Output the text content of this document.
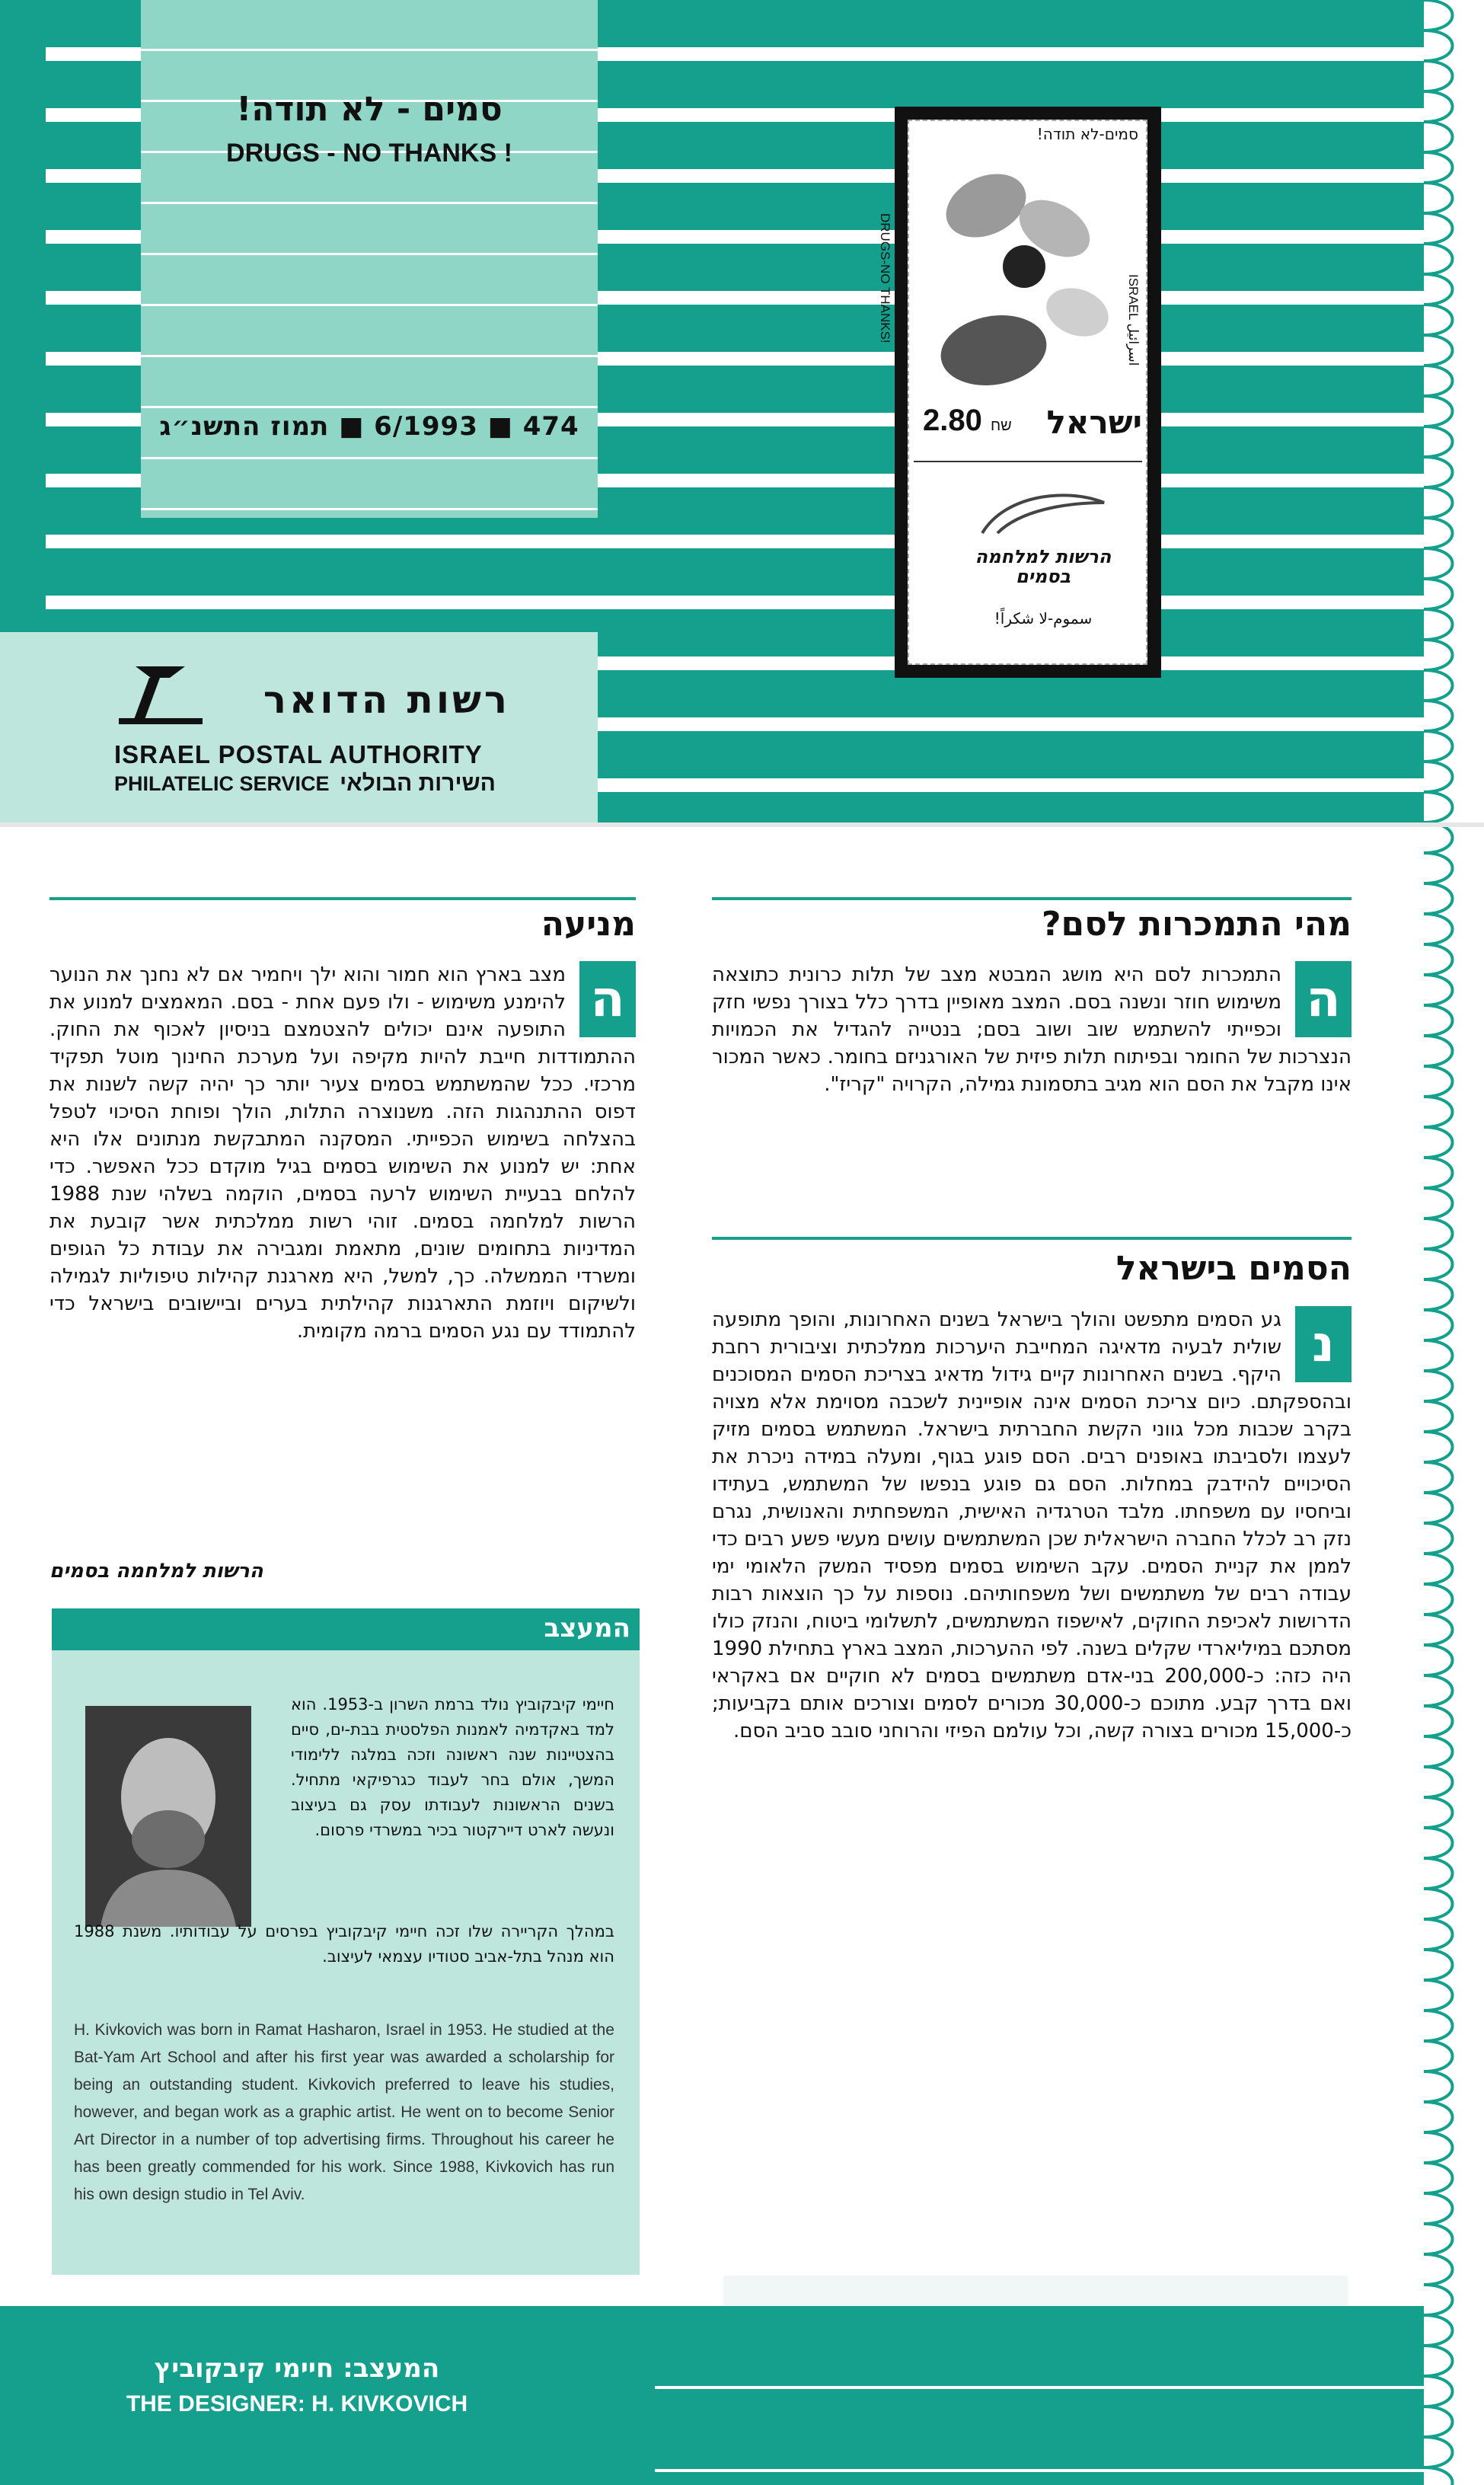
סמים - לא תודה!
DRUGS - NO THANKS !
474 ■ 6/1993 ■ תמוז התשנ״ג
רשות הדואר
ISRAEL POSTAL AUTHORITY
PHILATELIC SERVICE השירות הבולאי
סמים-לא תודה!
DRUGS-NO THANKS!	ISRAEL اسرائيل
2.80 שח	ישראל
הרשות למלחמה בסמים
سموم-لا شكراً!
מהי התמכרות לסם?
ה
התמכרות לסם היא מושג המבטא מצב של תלות כרונית כתוצאה משימוש חוזר ונשנה בסם. המצב מאופיין בדרך כלל בצורך נפשי חזק וכפייתי להשתמש שוב ושוב בסם; בנטייה להגדיל את הכמויות הנצרכות של החומר ובפיתוח תלות פיזית של האורגניזם בחומר. כאשר המכור אינו מקבל את הסם הוא מגיב בתסמונת גמילה, הקרויה "קריז".
הסמים בישראל
נ
גע הסמים מתפשט והולך בישראל בשנים האחרונות, והופך מתופעה שולית לבעיה מדאיגה המחייבת היערכות ממלכתית וציבורית רחבת היקף. בשנים האחרונות קיים גידול מדאיג בצריכת הסמים המסוכנים ובהספקתם. כיום צריכת הסמים אינה אופיינית לשכבה מסוימת אלא מצויה בקרב שכבות מכל גווני הקשת החברתית בישראל. המשתמש בסמים מזיק לעצמו ולסביבתו באופנים רבים. הסם פוגע בגוף, ומעלה במידה ניכרת את הסיכויים להידבק במחלות. הסם גם פוגע בנפשו של המשתמש, בעתידו וביחסיו עם משפחתו. מלבד הטרגדיה האישית, המשפחתית והאנושית, נגרם נזק רב לכלל החברה הישראלית שכן המשתמשים עושים מעשי פשע רבים כדי לממן את קניית הסמים. עקב השימוש בסמים מפסיד המשק הלאומי ימי עבודה רבים של משתמשים ושל משפחותיהם. נוספות על כך הוצאות רבות הדרושות לאכיפת החוקים, לאישפוז המשתמשים, לתשלומי ביטוח, והנזק כולו מסתכם במיליארדי שקלים בשנה. לפי ההערכות, המצב בארץ בתחילת 1990 היה כזה: כ-200,000 בני-אדם משתמשים בסמים לא חוקיים אם באקראי ואם בדרך קבע. מתוכם כ-30,000 מכורים לסמים וצורכים אותם בקביעות; כ-15,000 מכורים בצורה קשה, וכל עולמם הפיזי והרוחני סובב סביב הסם.
מניעה
ה
מצב בארץ הוא חמור והוא ילך ויחמיר אם לא נחנך את הנוער להימנע משימוש - ולו פעם אחת - בסם. המאמצים למנוע את התופעה אינם יכולים להצטמצם בניסיון לאכוף את החוק. ההתמודדות חייבת להיות מקיפה ועל מערכת החינוך מוטל תפקיד מרכזי. ככל שהמשתמש בסמים צעיר יותר כך יהיה קשה לשנות את דפוס ההתנהגות הזה. משנוצרה התלות, הולך ופוחת הסיכוי לטפל בהצלחה בשימוש הכפייתי. המסקנה המתבקשת מנתונים אלו היא אחת: יש למנוע את השימוש בסמים בגיל מוקדם ככל האפשר. כדי להלחם בבעיית השימוש לרעה בסמים, הוקמה בשלהי שנת 1988 הרשות למלחמה בסמים. זוהי רשות ממלכתית אשר קובעת את המדיניות בתחומים שונים, מתאמת ומגבירה את עבודת כל הגופים ומשרדי הממשלה. כך, למשל, היא מארגנת קהילות טיפוליות לגמילה ולשיקום ויוזמת התארגנות קהילתית בערים וביישובים בישראל כדי להתמודד עם נגע הסמים ברמה מקומית.
הרשות למלחמה בסמים
המעצב
חיימי קיבקוביץ נולד ברמת השרון ב-1953. הוא למד באקדמיה לאמנות הפלסטית בבת-ים, סיים בהצטיינות שנה ראשונה וזכה במלגה ללימודי המשך, אולם בחר לעבוד כגרפיקאי מתחיל. בשנים הראשונות לעבודתו עסק גם בעיצוב ונעשה לארט דיירקטור בכיר במשרדי פרסום.
במהלך הקריירה שלו זכה חיימי קיבקוביץ בפרסים על עבודותיו. משנת 1988 הוא מנהל בתל-אביב סטודיו עצמאי לעיצוב.
H. Kivkovich was born in Ramat Hasharon, Israel in 1953. He studied at the Bat-Yam Art School and after his first year was awarded a scholarship for being an outstanding student. Kivkovich preferred to leave his studies, however, and began work as a graphic artist. He went on to become Senior Art Director in a number of top advertising firms. Throughout his career he has been greatly commended for his work. Since 1988, Kivkovich has run his own design studio in Tel Aviv.
המעצב: חיימי קיבקוביץ
THE DESIGNER: H. KIVKOVICH
